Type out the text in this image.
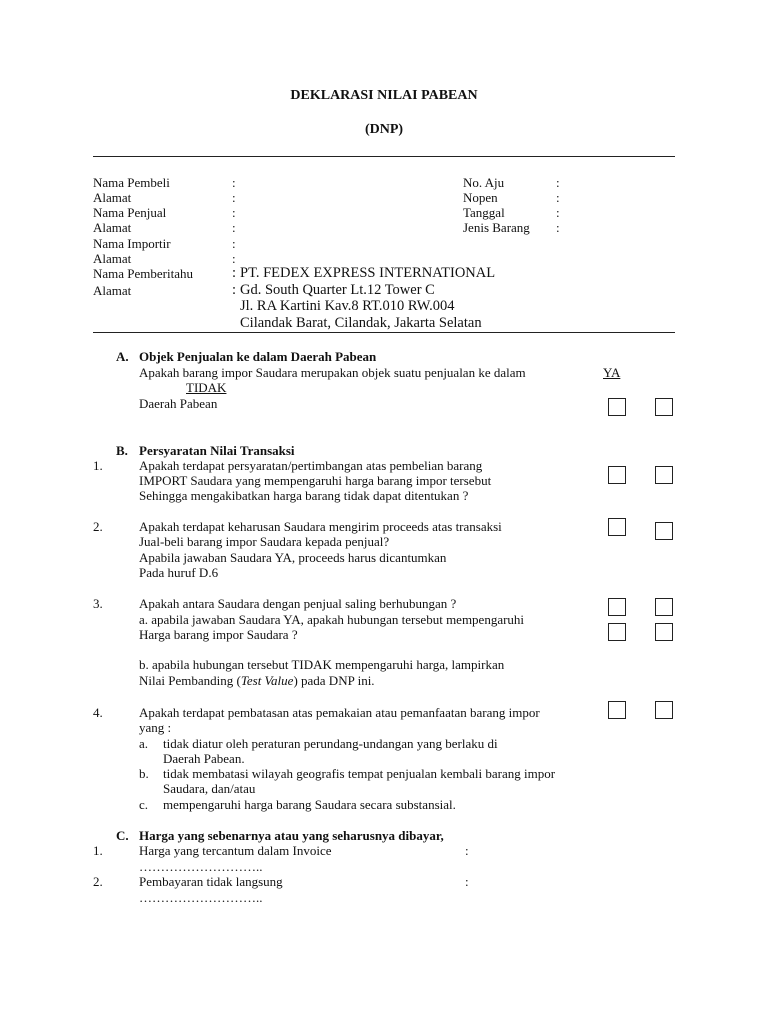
DEKLARASI NILAI PABEAN
(DNP)
Nama Pembeli	:
Alamat	:
Nama Penjual	:
Alamat	:
Nama Importir	:
Alamat	:
Nama Pemberitahu	: PT. FEDEX EXPRESS INTERNATIONAL
Alamat	: Gd. South Quarter Lt.12 Tower C
Jl. RA Kartini Kav.8 RT.010 RW.004
Cilandak Barat, Cilandak, Jakarta Selatan
No. Aju	:
Nopen	:
Tanggal	:
Jenis Barang :
A. Objek Penjualan ke dalam Daerah Pabean
Apakah barang impor Saudara merupakan objek suatu penjualan ke dalam	YA
TIDAK
Daerah Pabean
B. Persyaratan Nilai Transaksi
1.	Apakah terdapat persyaratan/pertimbangan atas pembelian barang
IMPORT Saudara yang mempengaruhi harga barang impor tersebut
Sehingga mengakibatkan harga barang tidak dapat ditentukan ?
2.	Apakah terdapat keharusan Saudara mengirim proceeds atas transaksi
Jual-beli barang impor Saudara kepada penjual?
Apabila jawaban Saudara YA, proceeds harus dicantumkan
Pada huruf D.6
3.	Apakah antara Saudara dengan penjual saling berhubungan ?
a. apabila jawaban Saudara YA, apakah hubungan tersebut mempengaruhi
Harga barang impor Saudara ?
b. apabila hubungan tersebut TIDAK mempengaruhi harga, lampirkan
Nilai Pembanding (Test Value) pada DNP ini.
4.	Apakah terdapat pembatasan atas pemakaian atau pemanfaatan barang impor
yang :
a. tidak diatur oleh peraturan perundang-undangan yang berlaku di
Daerah Pabean.
b. tidak membatasi wilayah geografis tempat penjualan kembali barang impor
Saudara, dan/atau
c. mempengaruhi harga barang Saudara secara substansial.
C. Harga yang sebenarnya atau yang seharusnya dibayar,
1.	Harga yang tercantum dalam Invoice	:
………………………..
2.	Pembayaran tidak langsung	:
………………………..
